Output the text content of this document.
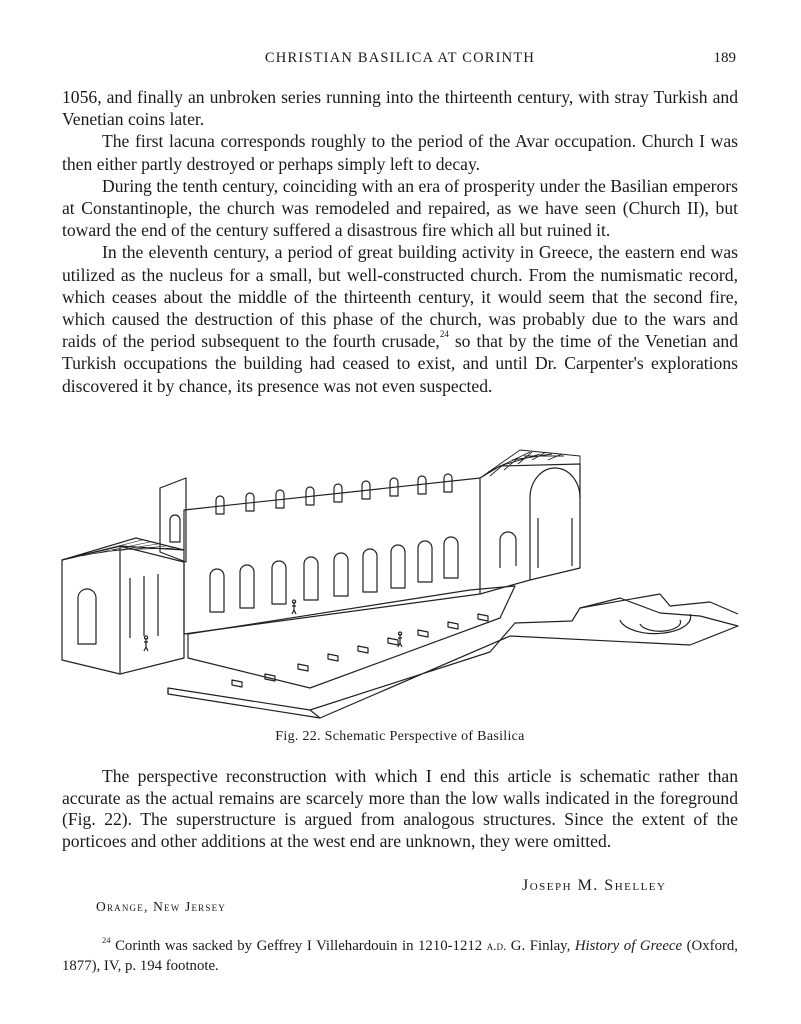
CHRISTIAN BASILICA AT CORINTH	189

1056, and finally an unbroken series running into the thirteenth century, with stray Turkish and Venetian coins later.

The first lacuna corresponds roughly to the period of the Avar occupation. Church I was then either partly destroyed or perhaps simply left to decay.

During the tenth century, coinciding with an era of prosperity under the Basilian emperors at Constantinople, the church was remodeled and repaired, as we have seen (Church II), but toward the end of the century suffered a disastrous fire which all but ruined it.

In the eleventh century, a period of great building activity in Greece, the eastern end was utilized as the nucleus for a small, but well-constructed church. From the numismatic record, which ceases about the middle of the thirteenth century, it would seem that the second fire, which caused the destruction of this phase of the church, was probably due to the wars and raids of the period subsequent to the fourth crusade,$^{24}$ so that by the time of the Venetian and Turkish occupations the building had ceased to exist, and until Dr. Carpenter's explorations discovered it by chance, its presence was not even suspected.

Fig. 22. Schematic Perspective of Basilica

The perspective reconstruction with which I end this article is schematic rather than accurate as the actual remains are scarcely more than the low walls indicated in the foreground (Fig. 22). The superstructure is argued from analogous structures. Since the extent of the porticoes and other additions at the west end are unknown, they were omitted.

Joseph M. Shelley
Orange, New Jersey
$^{24}$ Corinth was sacked by Geffrey I Villehardouin in 1210-1212 a.d. G. Finlay, History of Greece (Oxford, 1877), IV, p. 194 footnote.
